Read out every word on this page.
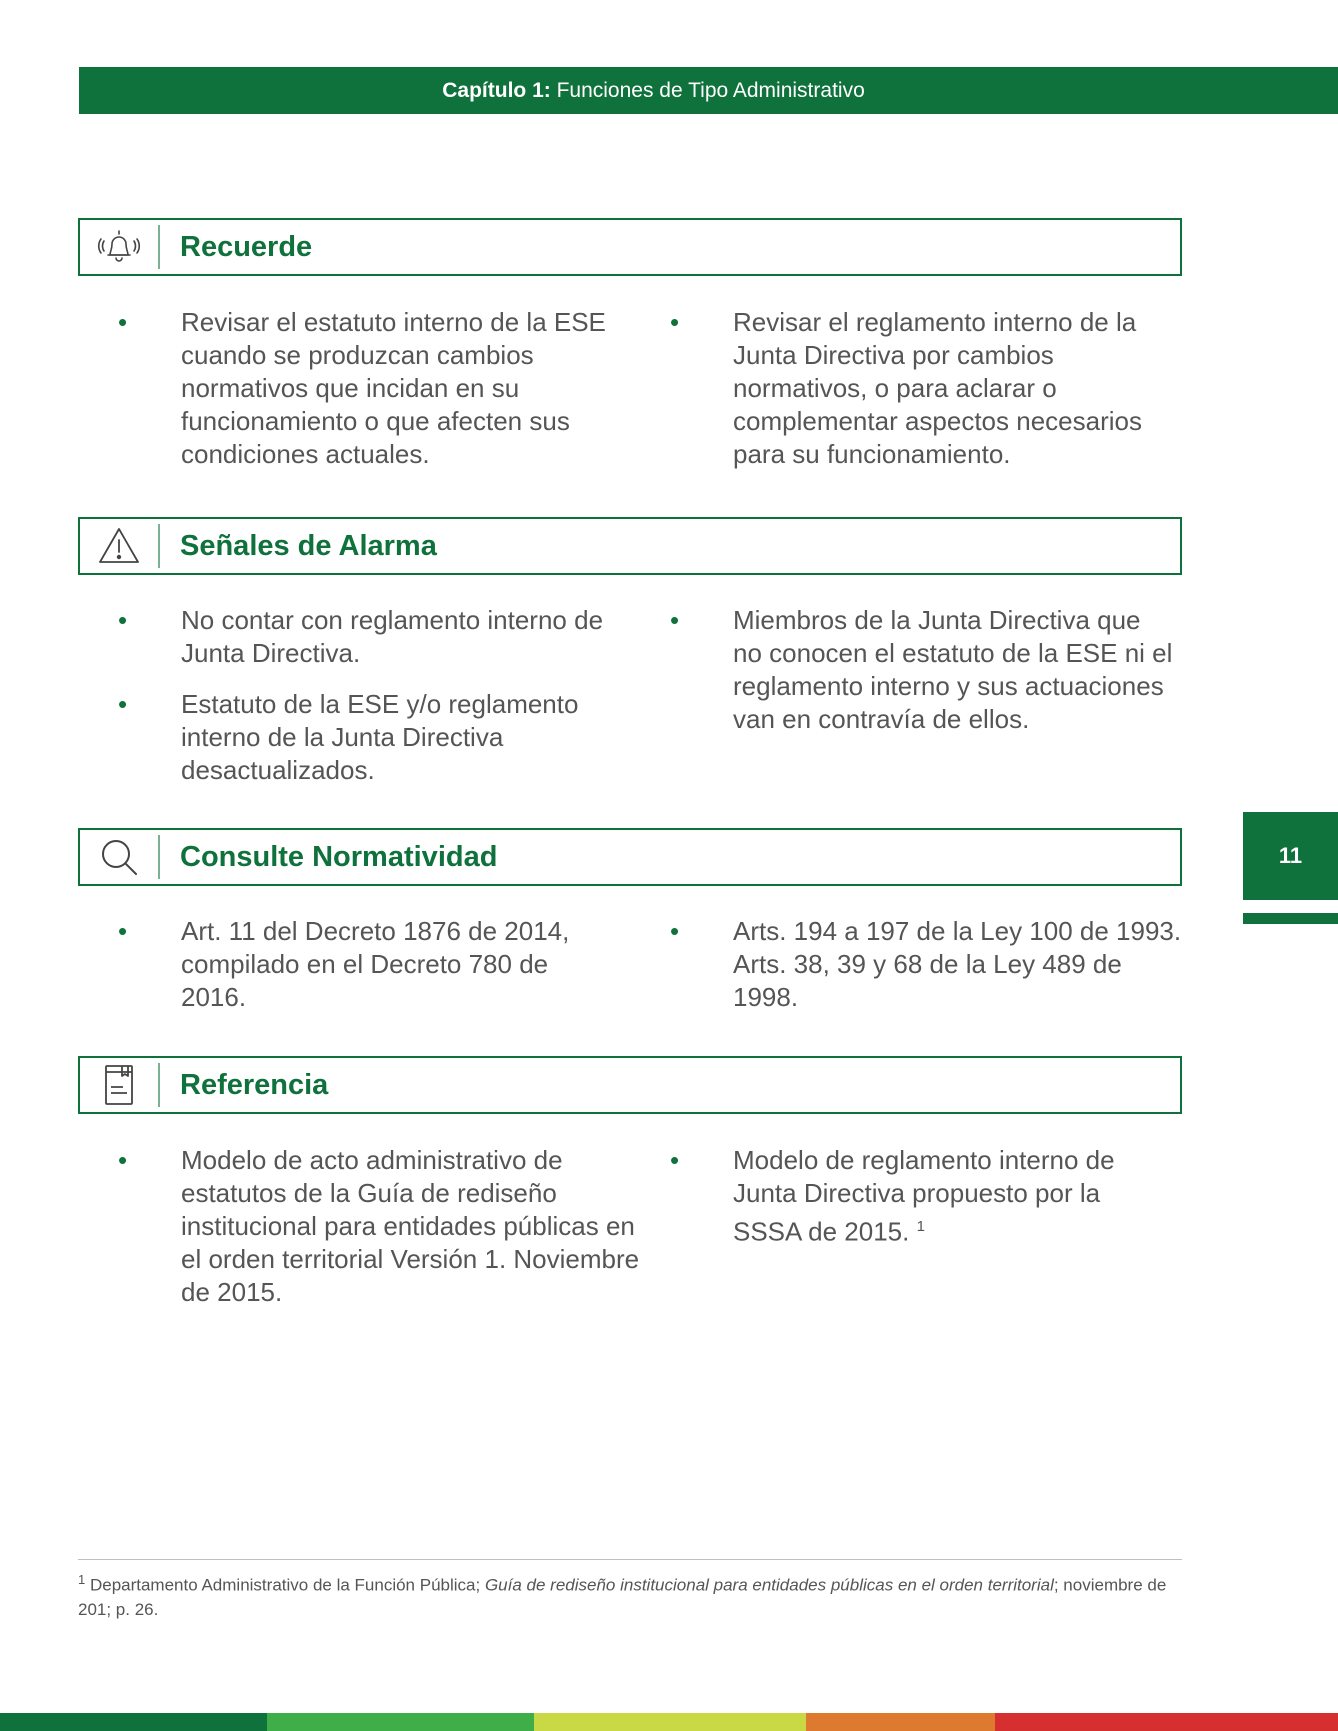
Capítulo 1: Funciones de Tipo Administrativo
Recuerde
• Revisar el estatuto interno de la ESE cuando se produzcan cambios normativos que incidan en su funcionamiento o que afecten sus condiciones actuales.
• Revisar el reglamento interno de la Junta Directiva por cambios normativos, o para aclarar o complementar aspectos necesarios para su funcionamiento.
Señales de Alarma
• No contar con reglamento interno de Junta Directiva.
• Estatuto de la ESE y/o reglamento interno de la Junta Directiva desactualizados.
• Miembros de la Junta Directiva que no conocen el estatuto de la ESE ni el reglamento interno y sus actuaciones van en contravía de ellos.
Consulte Normatividad
• Art. 11 del Decreto 1876 de 2014, compilado en el Decreto 780 de 2016.
• Arts. 194 a 197 de la Ley 100 de 1993. Arts. 38, 39 y 68 de la Ley 489 de 1998.
Referencia
• Modelo de acto administrativo de estatutos de la Guía de rediseño institucional para entidades públicas en el orden territorial Versión 1. Noviembre de 2015.
• Modelo de reglamento interno de Junta Directiva propuesto por la SSSA de 2015. $^1$
$^1$ Departamento Administrativo de la Función Pública; Guía de rediseño institucional para entidades públicas en el orden territorial; noviembre de 201; p. 26.
11
